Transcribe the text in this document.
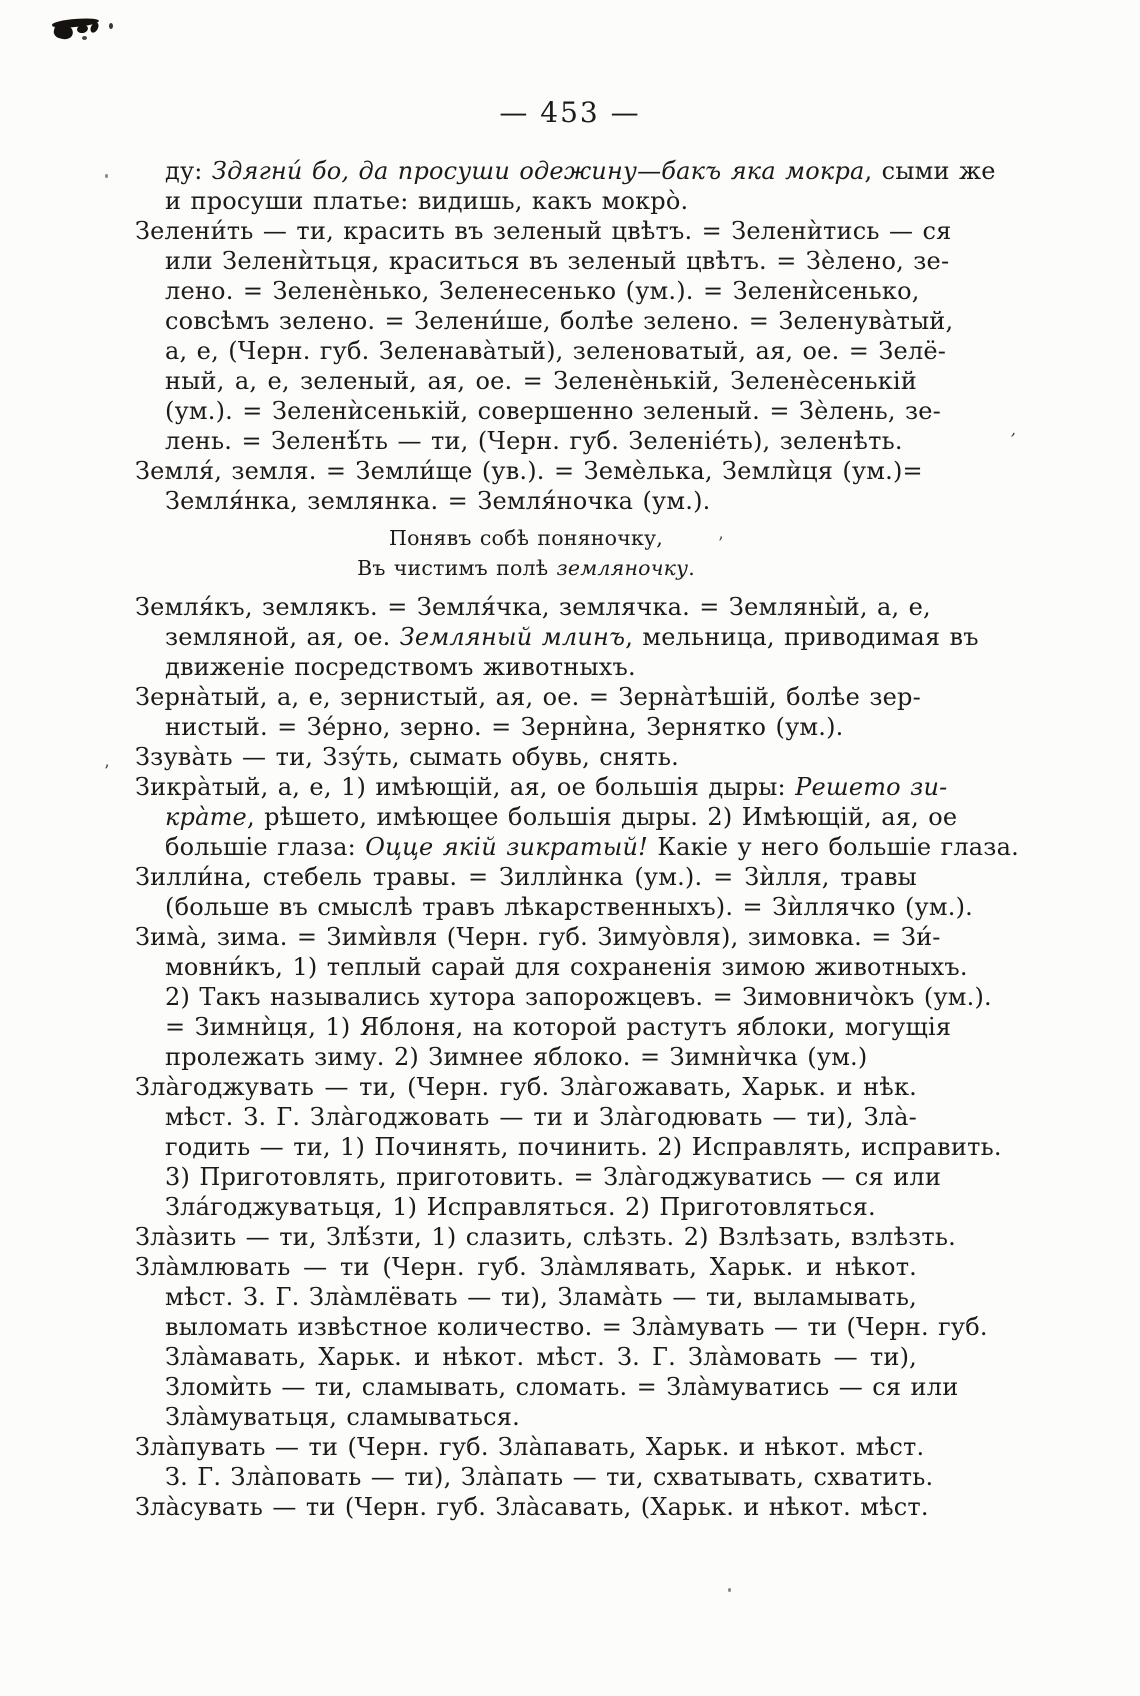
’
’
’
— 453 —
ду: Здягни́ бо, да просуши одежину—бакъ яка мокра, сыми же
и просуши платье: видишь, какъ мокро̀.
Зелени́ть — ти, красить въ зеленый цвѣтъ. = Зеленѝтись — ся
или Зеленѝтьця, краситься въ зеленый цвѣтъ. = Зѐлено, зе-
лено. = Зеленѐнько, Зеленесенько (ум.). = Зеленѝсенько,
совсѣмъ зелено. = Зелени́ше, болѣе зелено. = Зеленува̀тый,
а, е, (Черн. губ. Зеленава̀тый), зеленоватый, ая, ое. = Зелё-
ный, а, е, зеленый, ая, ое. = Зеленѐнькій, Зеленѐсенькій
(ум.). = Зеленѝсенькій, совершенно зеленый. = Зѐлень, зе-
лень. = Зеленѣ́ть — ти, (Черн. губ. Зеленіе́ть), зеленѣть.
Земля́, земля. = Земли́ще (ув.). = Земѐлька, Землѝця (ум.)=
Земля́нка, землянка. = Земля́ночка (ум.).
Понявъ собѣ поняночку,
Въ чистимъ полѣ земляночку.
Земля́къ, землякъ. = Земля́чка, землячка. = Земляны̀й, а, е,
земляной, ая, ое. Земляный млинъ, мельница, приводимая въ
движеніе посредствомъ животныхъ.
Зерна̀тый, а, е, зернистый, ая, ое. = Зерна̀тѣшій, болѣе зер-
нистый. = Зе́рно, зерно. = Зернѝна, Зернятко (ум.).
Ззува̀ть — ти, Ззу́ть, сымать обувь, снять.
Зикра̀тый, а, е, 1) имѣющій, ая, ое большія дыры: Решето зи-
кра̀те, рѣшето, имѣющее большія дыры. 2) Имѣющій, ая, ое
большіе глаза: Оцце якій зикратый! Какіе у него большіе глаза.
Зилли́на, стебель травы. = Зиллѝнка (ум.). = Зѝлля, травы
(больше въ смыслѣ травъ лѣкарственныхъ). = Зѝллячко (ум.).
Зима̀, зима. = Зимѝвля (Черн. губ. Зимуо̀вля), зимовка. = Зи́-
мовни́къ, 1) теплый сарай для сохраненія зимою животныхъ.
2) Такъ назывались хутора запорожцевъ. = Зимовничо̀къ (ум.).
= Зимнѝця, 1) Яблоня, на которой растутъ яблоки, могущія
пролежать зиму. 2) Зимнее яблоко. = Зимнѝчка (ум.)
Зла̀годжувать — ти, (Черн. губ. Зла̀гожавать, Харьк. и нѣк.
мѣст. З. Г. Зла̀годжовать — ти и Зла̀годювать — ти), Зла̀-
годить — ти, 1) Починять, починить. 2) Исправлять, исправить.
3) Приготовлять, приготовить. = Зла̀годжуватись — ся или
Зла́годжуватьця, 1) Исправляться. 2) Приготовляться.
Зла̀зить — ти, Злѣ́зти, 1) слазить, слѣзть. 2) Взлѣзать, взлѣзть.
Зла̀млювать — ти (Черн. губ. Зла̀млявать, Харьк. и нѣкот.
мѣст. З. Г. Зла̀млёвать — ти), Злама̀ть — ти, выламывать,
выломать извѣстное количество. = Зла̀мувать — ти (Черн. губ.
Зла̀мавать, Харьк. и нѣкот. мѣст. З. Г. Зла̀мовать — ти),
Зломѝть — ти, сламывать, сломать. = Зла̀муватись — ся или
Зла̀муватьця, сламываться.
Зла̀пувать — ти (Черн. губ. Зла̀павать, Харьк. и нѣкот. мѣст.
З. Г. Зла̀повать — ти), Зла̀пать — ти, схватывать, схватить.
Зла̀сувать — ти (Черн. губ. Зла̀савать, (Харьк. и нѣкот. мѣст.
